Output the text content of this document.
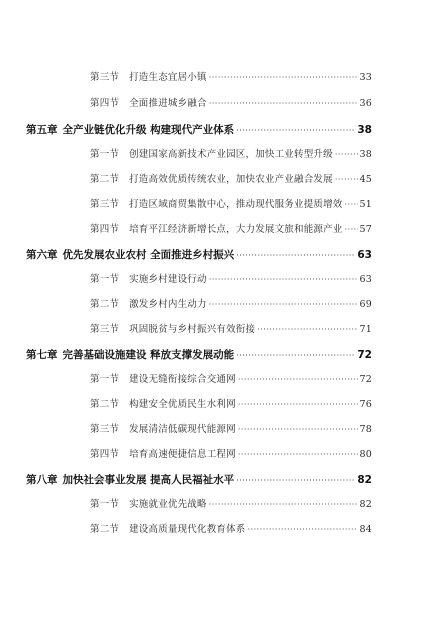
第三节 打造生态宜居小镇 ·····	33
第四节 全面推进城乡融合 ·····	36
第五章 全产业链优化升级 构建现代产业体系 ·····	38
第一节 创建国家高新技术产业园区，加快工业转型升级 ·····	38
第二节 打造高效优质传统农业，加快农业产业融合发展 ·····	45
第三节 打造区域商贸集散中心，推动现代服务业提质增效 ····· 51
第四节 培育平江经济新增长点，大力发展文旅和能源产业 ····· 57
第六章 优先发展农业农村 全面推进乡村振兴 ·····	63
第一节 实施乡村建设行动 ·····	63
第二节 激发乡村内生动力 ·····	69
第三节 巩固脱贫与乡村振兴有效衔接 ·····	71
第七章 完善基础设施建设 释放支撑发展动能 ·····	72
第一节 建设无缝衔接综合交通网 ·····	72
第二节 构建安全优质民生水利网 ·····	76
第三节 发展清洁低碳现代能源网 ·····	78
第四节 培育高速便捷信息工程网 ·····	80
第八章 加快社会事业发展 提高人民福祉水平 ·····	82
第一节 实施就业优先战略 ·····	82
第二节 建设高质量现代化教育体系 ·····	84
